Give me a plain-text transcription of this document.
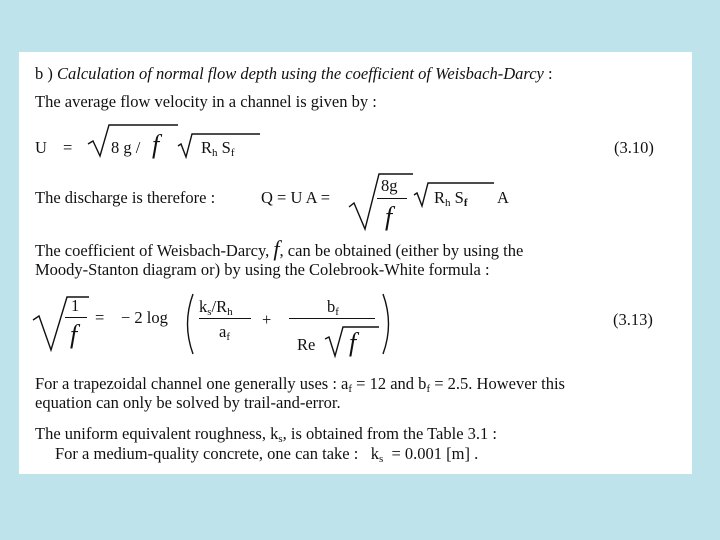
b ) Calculation of normal flow depth using the coefficient of Weisbach-Darcy :
The average flow velocity in a channel is given by :
U = 8 g / f	$R_h$ $S_f$	(3.10)
The discharge is therefore :	Q = U A =
8g
f
$R_h$ $S_f$ A
The coefficient of Weisbach-Darcy, f, can be obtained (either by using the
Moody-Stanton diagram or) by using the Colebrook-White formula :
1
f
= − 2 log
$k_s/R_h$
$a_f$
+
$b_f$
Re f
(3.13)
For a trapezoidal channel one generally uses : $a_f = 12$ and $b_f = 2.5$. However this
equation can only be solved by trail-and-error.
The uniform equivalent roughness, $k_s$, is obtained from the Table 3.1 :
For a medium-quality concrete, one can take : $k_s = 0.001$ [m] .
